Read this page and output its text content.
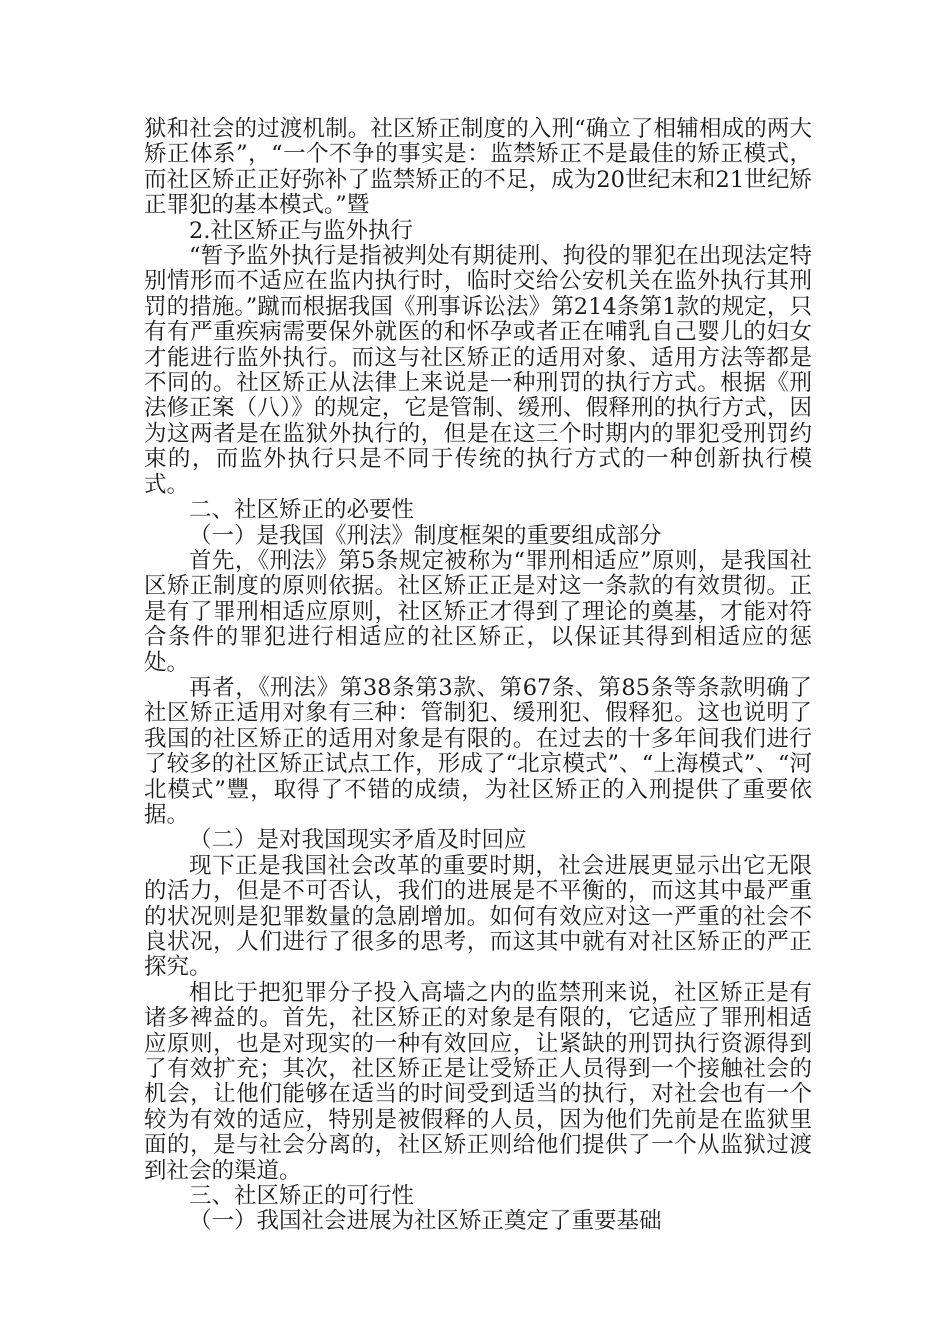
狱和社会的过渡机制。社区矫正制度的入刑“确立了相辅相成的两大矫正体系”，“一个不争的事实是：监禁矫正不是最佳的矫正模式，而社区矫正正好弥补了监禁矫正的不足，成为20世纪末和21世纪矫正罪犯的基本模式。”暨

2.社区矫正与监外执行

“暂予监外执行是指被判处有期徒刑、拘役的罪犯在出现法定特别情形而不适应在监内执行时，临时交给公安机关在监外执行其刑罚的措施。”蹴而根据我国《刑事诉讼法》第214条第1款的规定，只有有严重疾病需要保外就医的和怀孕或者正在哺乳自己婴儿的妇女才能进行监外执行。而这与社区矫正的适用对象、适用方法等都是不同的。社区矫正从法律上来说是一种刑罚的执行方式。根据《刑法修正案（八）》的规定，它是管制、缓刑、假释刑的执行方式，因为这两者是在监狱外执行的，但是在这三个时期内的罪犯受刑罚约束的，而监外执行只是不同于传统的执行方式的一种创新执行模式。

二、社区矫正的必要性

（一）是我国《刑法》制度框架的重要组成部分

首先，《刑法》第5条规定被称为“罪刑相适应”原则，是我国社区矫正制度的原则依据。社区矫正正是对这一条款的有效贯彻。正是有了罪刑相适应原则，社区矫正才得到了理论的奠基，才能对符合条件的罪犯进行相适应的社区矫正，以保证其得到相适应的惩处。

再者，《刑法》第38条第3款、第67条、第85条等条款明确了社区矫正适用对象有三种：管制犯、缓刑犯、假释犯。这也说明了我国的社区矫正的适用对象是有限的。在过去的十多年间我们进行了较多的社区矫正试点工作，形成了“北京模式”、“上海模式”、“河北模式”豐，取得了不错的成绩，为社区矫正的入刑提供了重要依据。

（二）是对我国现实矛盾及时回应

现下正是我国社会改革的重要时期，社会进展更显示出它无限的活力，但是不可否认，我们的进展是不平衡的，而这其中最严重的状况则是犯罪数量的急剧增加。如何有效应对这一严重的社会不良状况，人们进行了很多的思考，而这其中就有对社区矫正的严正探究。

相比于把犯罪分子投入高墙之内的监禁刑来说，社区矫正是有诸多裨益的。首先，社区矫正的对象是有限的，它适应了罪刑相适应原则，也是对现实的一种有效回应，让紧缺的刑罚执行资源得到了有效扩充；其次，社区矫正是让受矫正人员得到一个接触社会的机会，让他们能够在适当的时间受到适当的执行，对社会也有一个较为有效的适应，特别是被假释的人员，因为他们先前是在监狱里面的，是与社会分离的，社区矫正则给他们提供了一个从监狱过渡到社会的渠道。

三、社区矫正的可行性

（一）我国社会进展为社区矫正奠定了重要基础
